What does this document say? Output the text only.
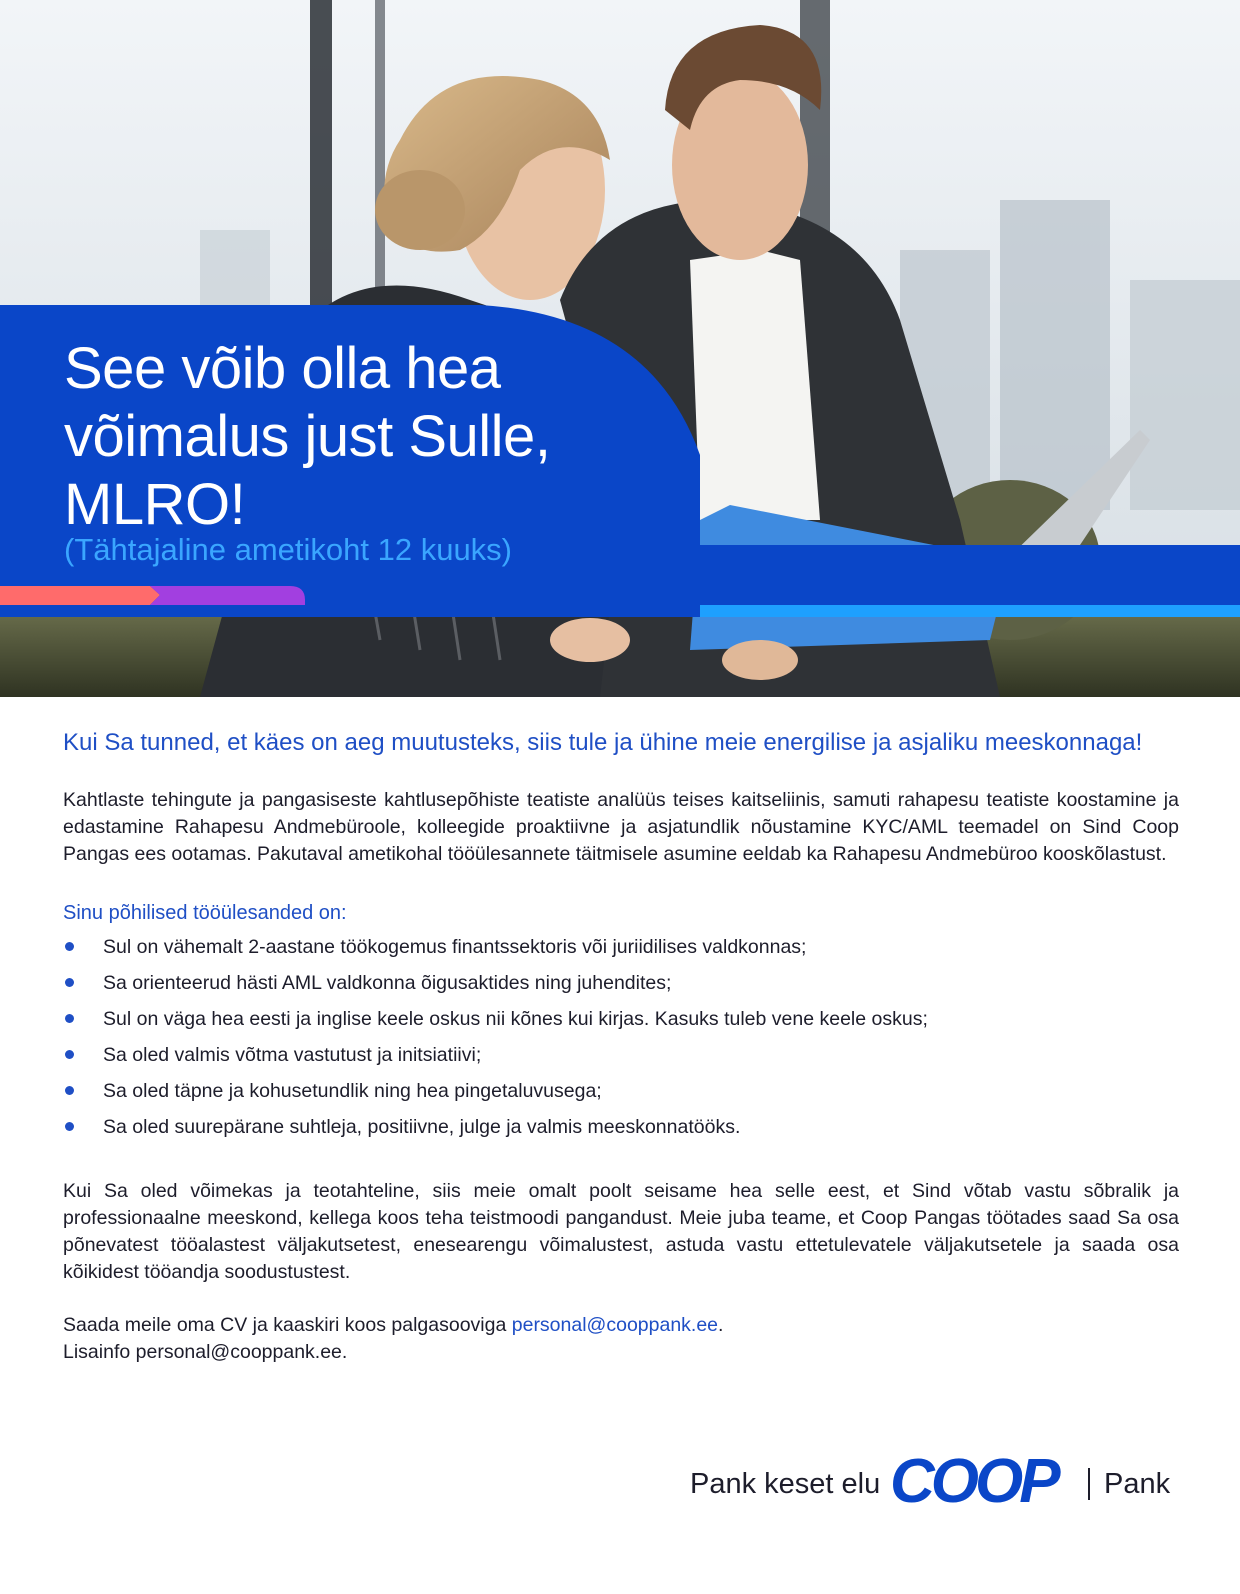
See võib olla hea
võimalus just Sulle,
MLRO!
(Tähtajaline ametikoht 12 kuuks)

Kui Sa tunned, et käes on aeg muutusteks, siis tule ja ühine meie energilise ja asjaliku meeskonnaga!

Kahtlaste tehingute ja pangasiseste kahtlusepõhiste teatiste analüüs teises kaitseliinis, samuti rahapesu teatiste koostamine ja edastamine Rahapesu Andmebüroole, kolleegide proaktiivne ja asjatundlik nõustamine KYC/AML teemadel on Sind Coop Pangas ees ootamas. Pakutaval ametikohal tööülesannete täitmisele asumine eeldab ka Rahapesu Andmebüroo kooskõlastust.

Sinu põhilised tööülesanded on:
Sul on vähemalt 2-aastane töökogemus finantssektoris või juriidilises valdkonnas;
Sa orienteerud hästi AML valdkonna õigusaktides ning juhendites;
Sul on väga hea eesti ja inglise keele oskus nii kõnes kui kirjas. Kasuks tuleb vene keele oskus;
Sa oled valmis võtma vastutust ja initsiatiivi;
Sa oled täpne ja kohusetundlik ning hea pingetaluvusega;
Sa oled suurepärane suhtleja, positiivne, julge ja valmis meeskonnatööks.

Kui Sa oled võimekas ja teotahteline, siis meie omalt poolt seisame hea selle eest, et Sind võtab vastu sõbralik ja professionaalne meeskond, kellega koos teha teistmoodi pangandust. Meie juba teame, et Coop Pangas töötades saad Sa osa põnevatest tööalastest väljakutsetest, enesearengu võimalustest, astuda vastu ettetulevatele väljakutsetele ja saada osa kõikidest tööandja soodustustest.

Saada meile oma CV ja kaaskiri koos palgasooviga personal@cooppank.ee.
Lisainfo personal@cooppank.ee.
Pank keset elu COOP Pank
